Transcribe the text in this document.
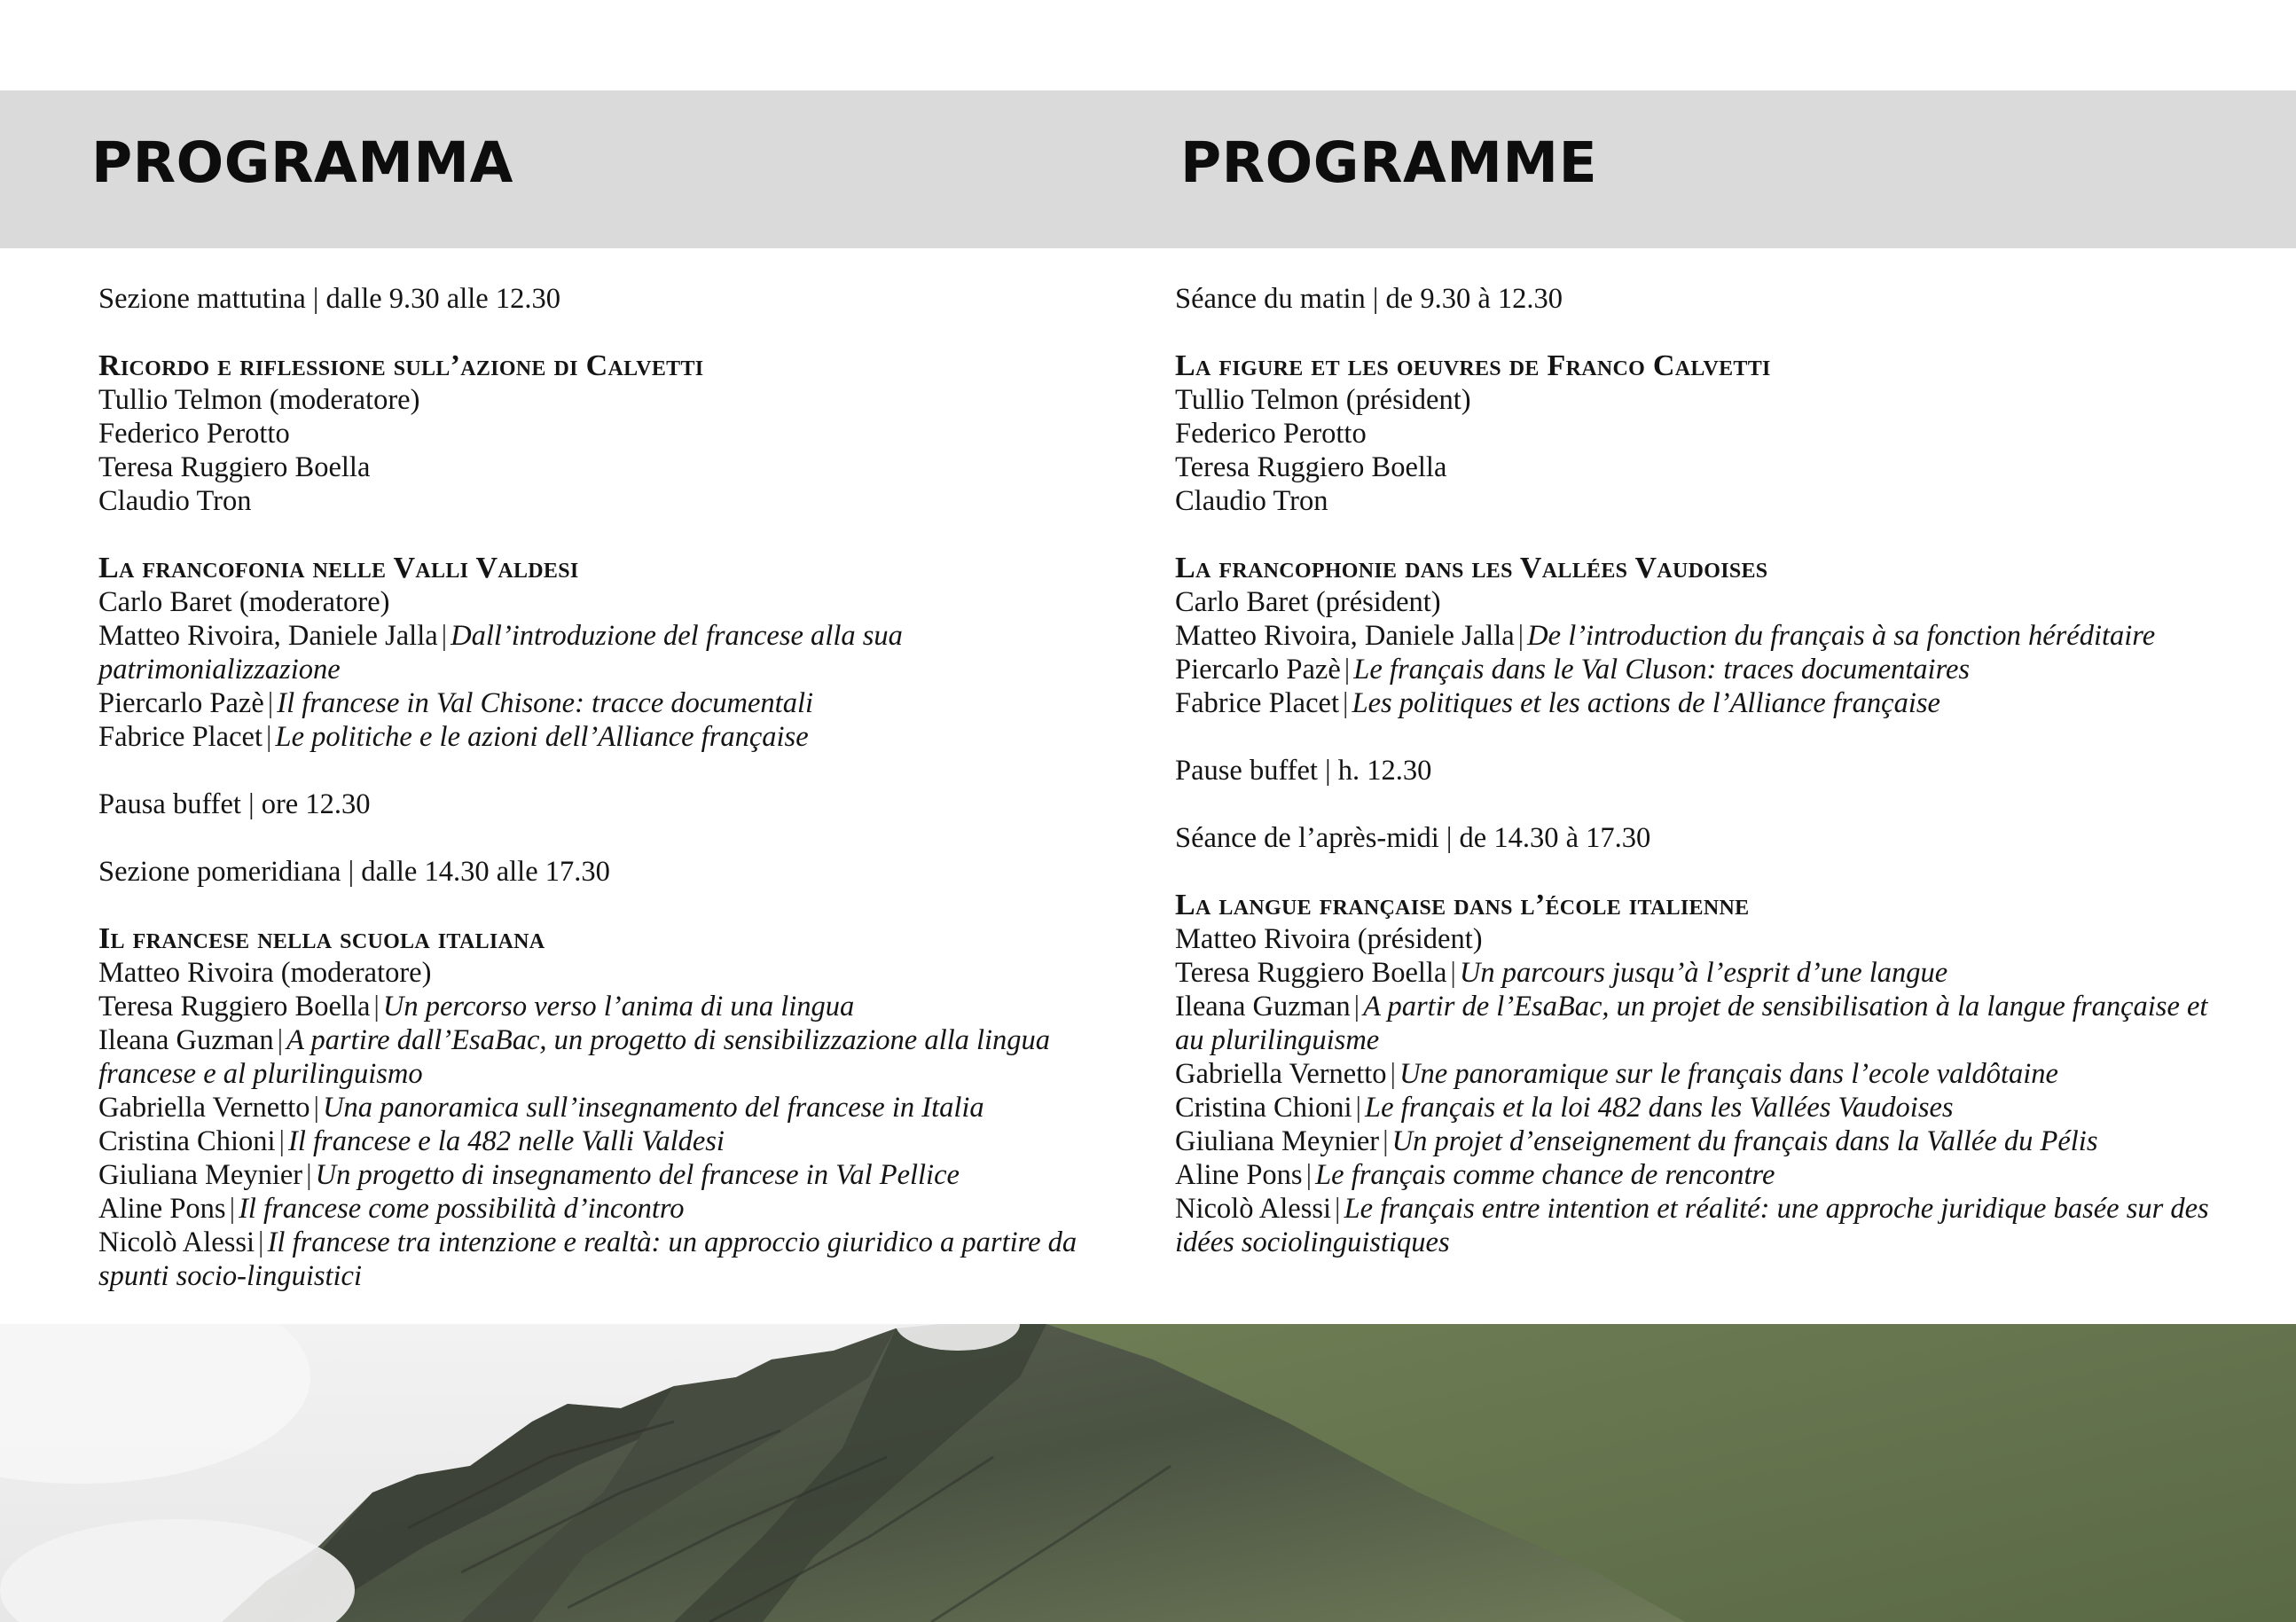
PROGRAMMA	PROGRAMME
Sezione mattutina | dalle 9.30 alle 12.30
Ricordo e riflessione sull’azione di Calvetti
Tullio Telmon (moderatore)
Federico Perotto
Teresa Ruggiero Boella
Claudio Tron
La francofonia nelle Valli Valdesi
Carlo Baret (moderatore)
Matteo Rivoira, Daniele Jalla | Dall’introduzione del francese alla sua patrimonializzazione
Piercarlo Pazè | Il francese in Val Chisone: tracce documentali
Fabrice Placet | Le politiche e le azioni dell’Alliance française
Pausa buffet | ore 12.30
Sezione pomeridiana | dalle 14.30 alle 17.30
Il francese nella scuola italiana
Matteo Rivoira (moderatore)
Teresa Ruggiero Boella | Un percorso verso l’anima di una lingua
Ileana Guzman | A partire dall’EsaBac, un progetto di sensibilizzazione alla lingua francese e al plurilinguismo
Gabriella Vernetto | Una panoramica sull’insegnamento del francese in Italia
Cristina Chioni | Il francese e la 482 nelle Valli Valdesi
Giuliana Meynier | Un progetto di insegnamento del francese in Val Pellice
Aline Pons | Il francese come possibilità d’incontro
Nicolò Alessi | Il francese tra intenzione e realtà: un approccio giuridico a partire da spunti socio-linguistici
Séance du matin | de 9.30 à 12.30
La figure et les oeuvres de Franco Calvetti
Tullio Telmon (président)
Federico Perotto
Teresa Ruggiero Boella
Claudio Tron
La francophonie dans les Vallées Vaudoises
Carlo Baret (président)
Matteo Rivoira, Daniele Jalla | De l’introduction du français à sa fonction héréditaire
Piercarlo Pazè | Le français dans le Val Cluson: traces documentaires
Fabrice Placet | Les politiques et les actions de l’Alliance française
Pause buffet | h. 12.30
Séance de l’après-midi | de 14.30 à 17.30
La langue française dans l’école italienne
Matteo Rivoira (président)
Teresa Ruggiero Boella | Un parcours jusqu’à l’esprit d’une langue
Ileana Guzman | A partir de l’EsaBac, un projet de sensibilisation à la langue française et au plurilinguisme
Gabriella Vernetto | Une panoramique sur le français dans l’ecole valdôtaine
Cristina Chioni | Le français et la loi 482 dans les Vallées Vaudoises
Giuliana Meynier | Un projet d’enseignement du français dans la Vallée du Pélis
Aline Pons | Le français comme chance de rencontre
Nicolò Alessi | Le français entre intention et réalité: une approche juridique basée sur des idées sociolinguistiques
